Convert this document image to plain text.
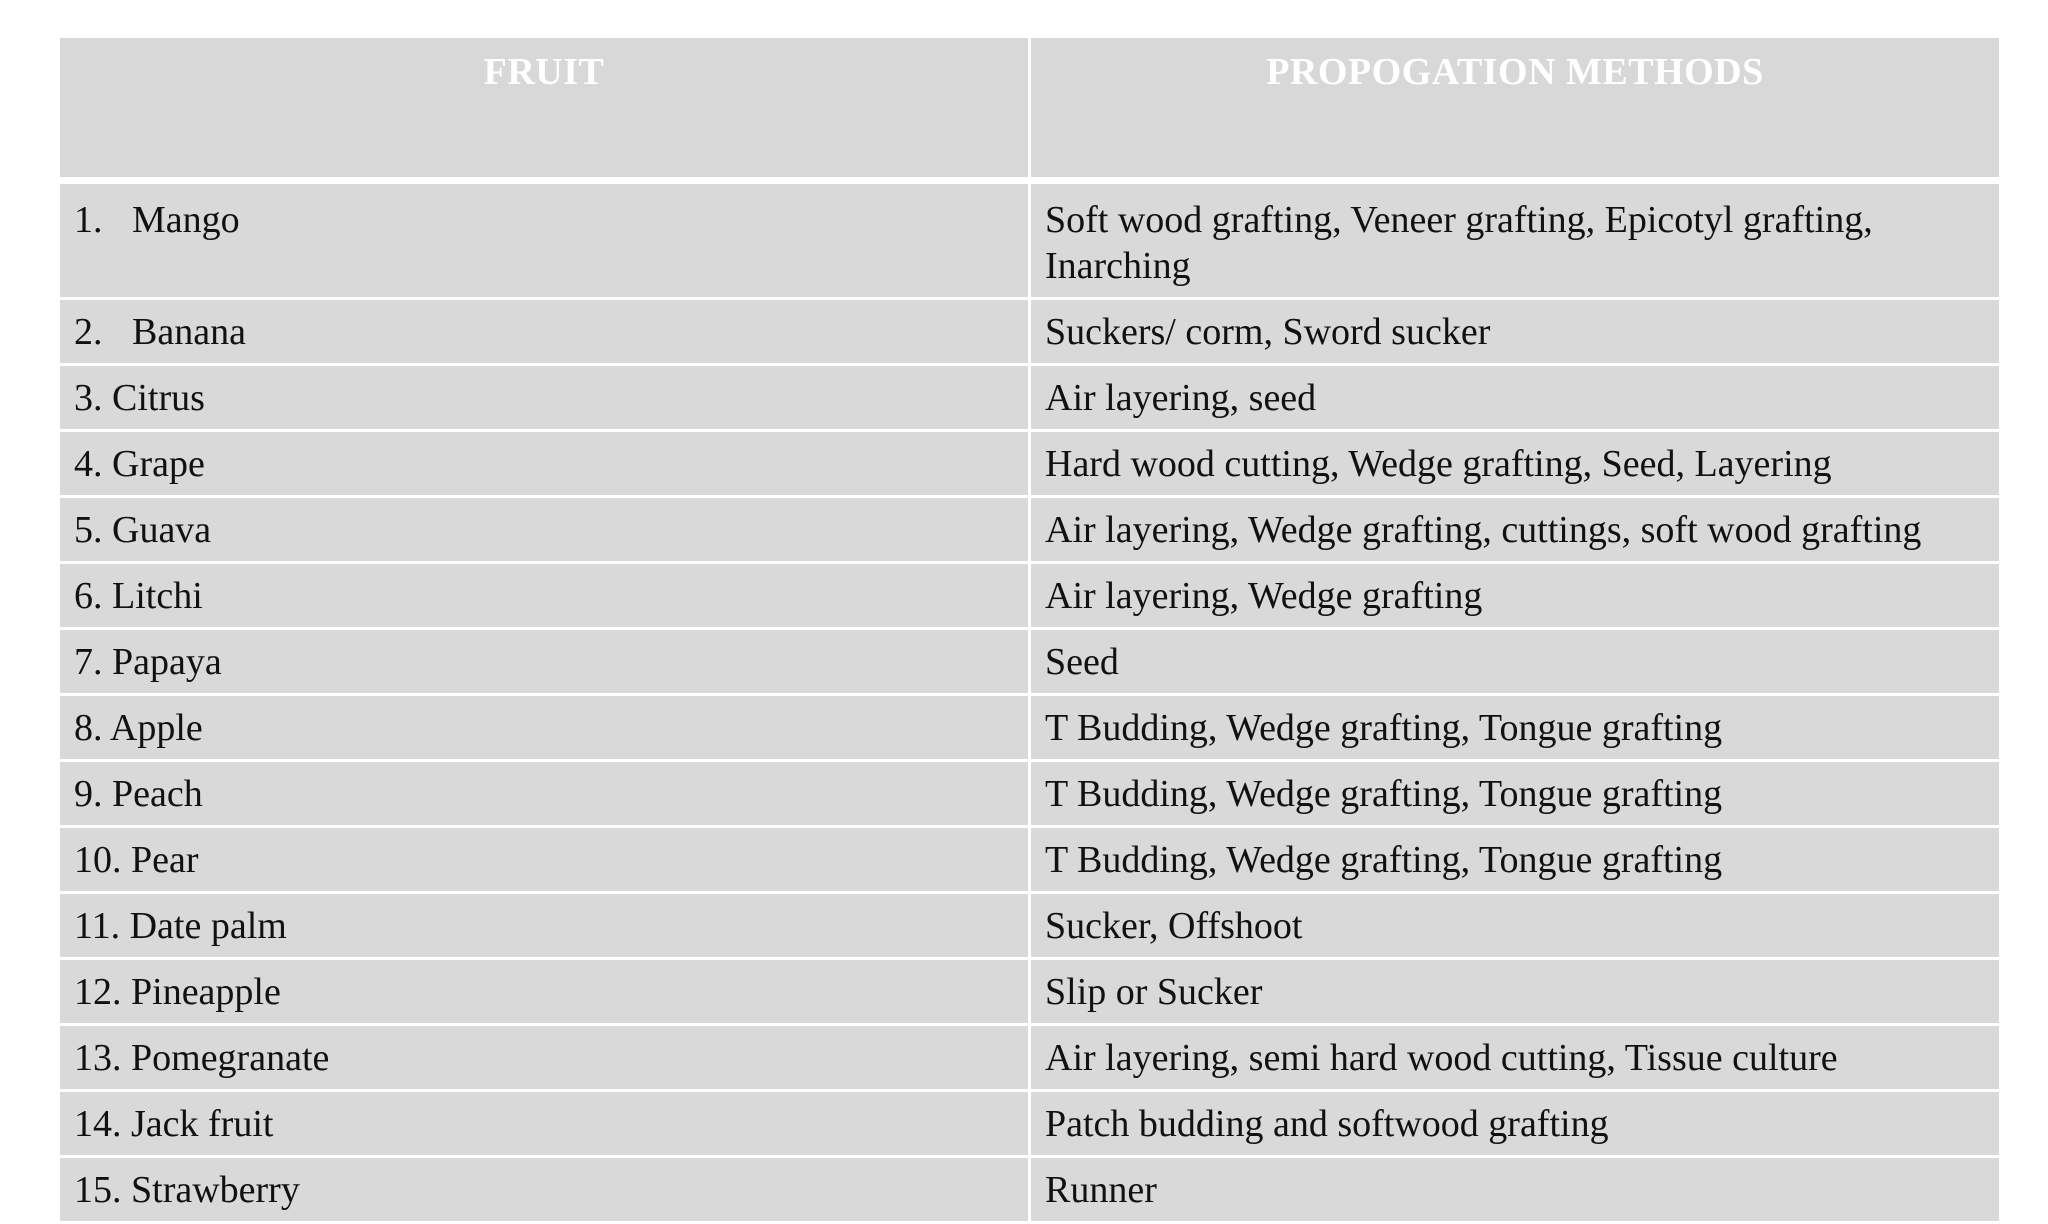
FRUIT	PROPOGATION METHODS
1. Mango	Soft wood grafting, Veneer grafting, Epicotyl grafting, Inarching
2. Banana	Suckers/ corm, Sword sucker
3. Citrus	Air layering, seed
4. Grape	Hard wood cutting, Wedge grafting, Seed, Layering
5. Guava	Air layering, Wedge grafting, cuttings, soft wood grafting
6. Litchi	Air layering, Wedge grafting
7. Papaya	Seed
8. Apple	T Budding, Wedge grafting, Tongue grafting
9. Peach	T Budding, Wedge grafting, Tongue grafting
10. Pear	T Budding, Wedge grafting, Tongue grafting
11. Date palm	Sucker, Offshoot
12. Pineapple	Slip or Sucker
13. Pomegranate	Air layering, semi hard wood cutting, Tissue culture
14. Jack fruit	Patch budding and softwood grafting
15. Strawberry	Runner
